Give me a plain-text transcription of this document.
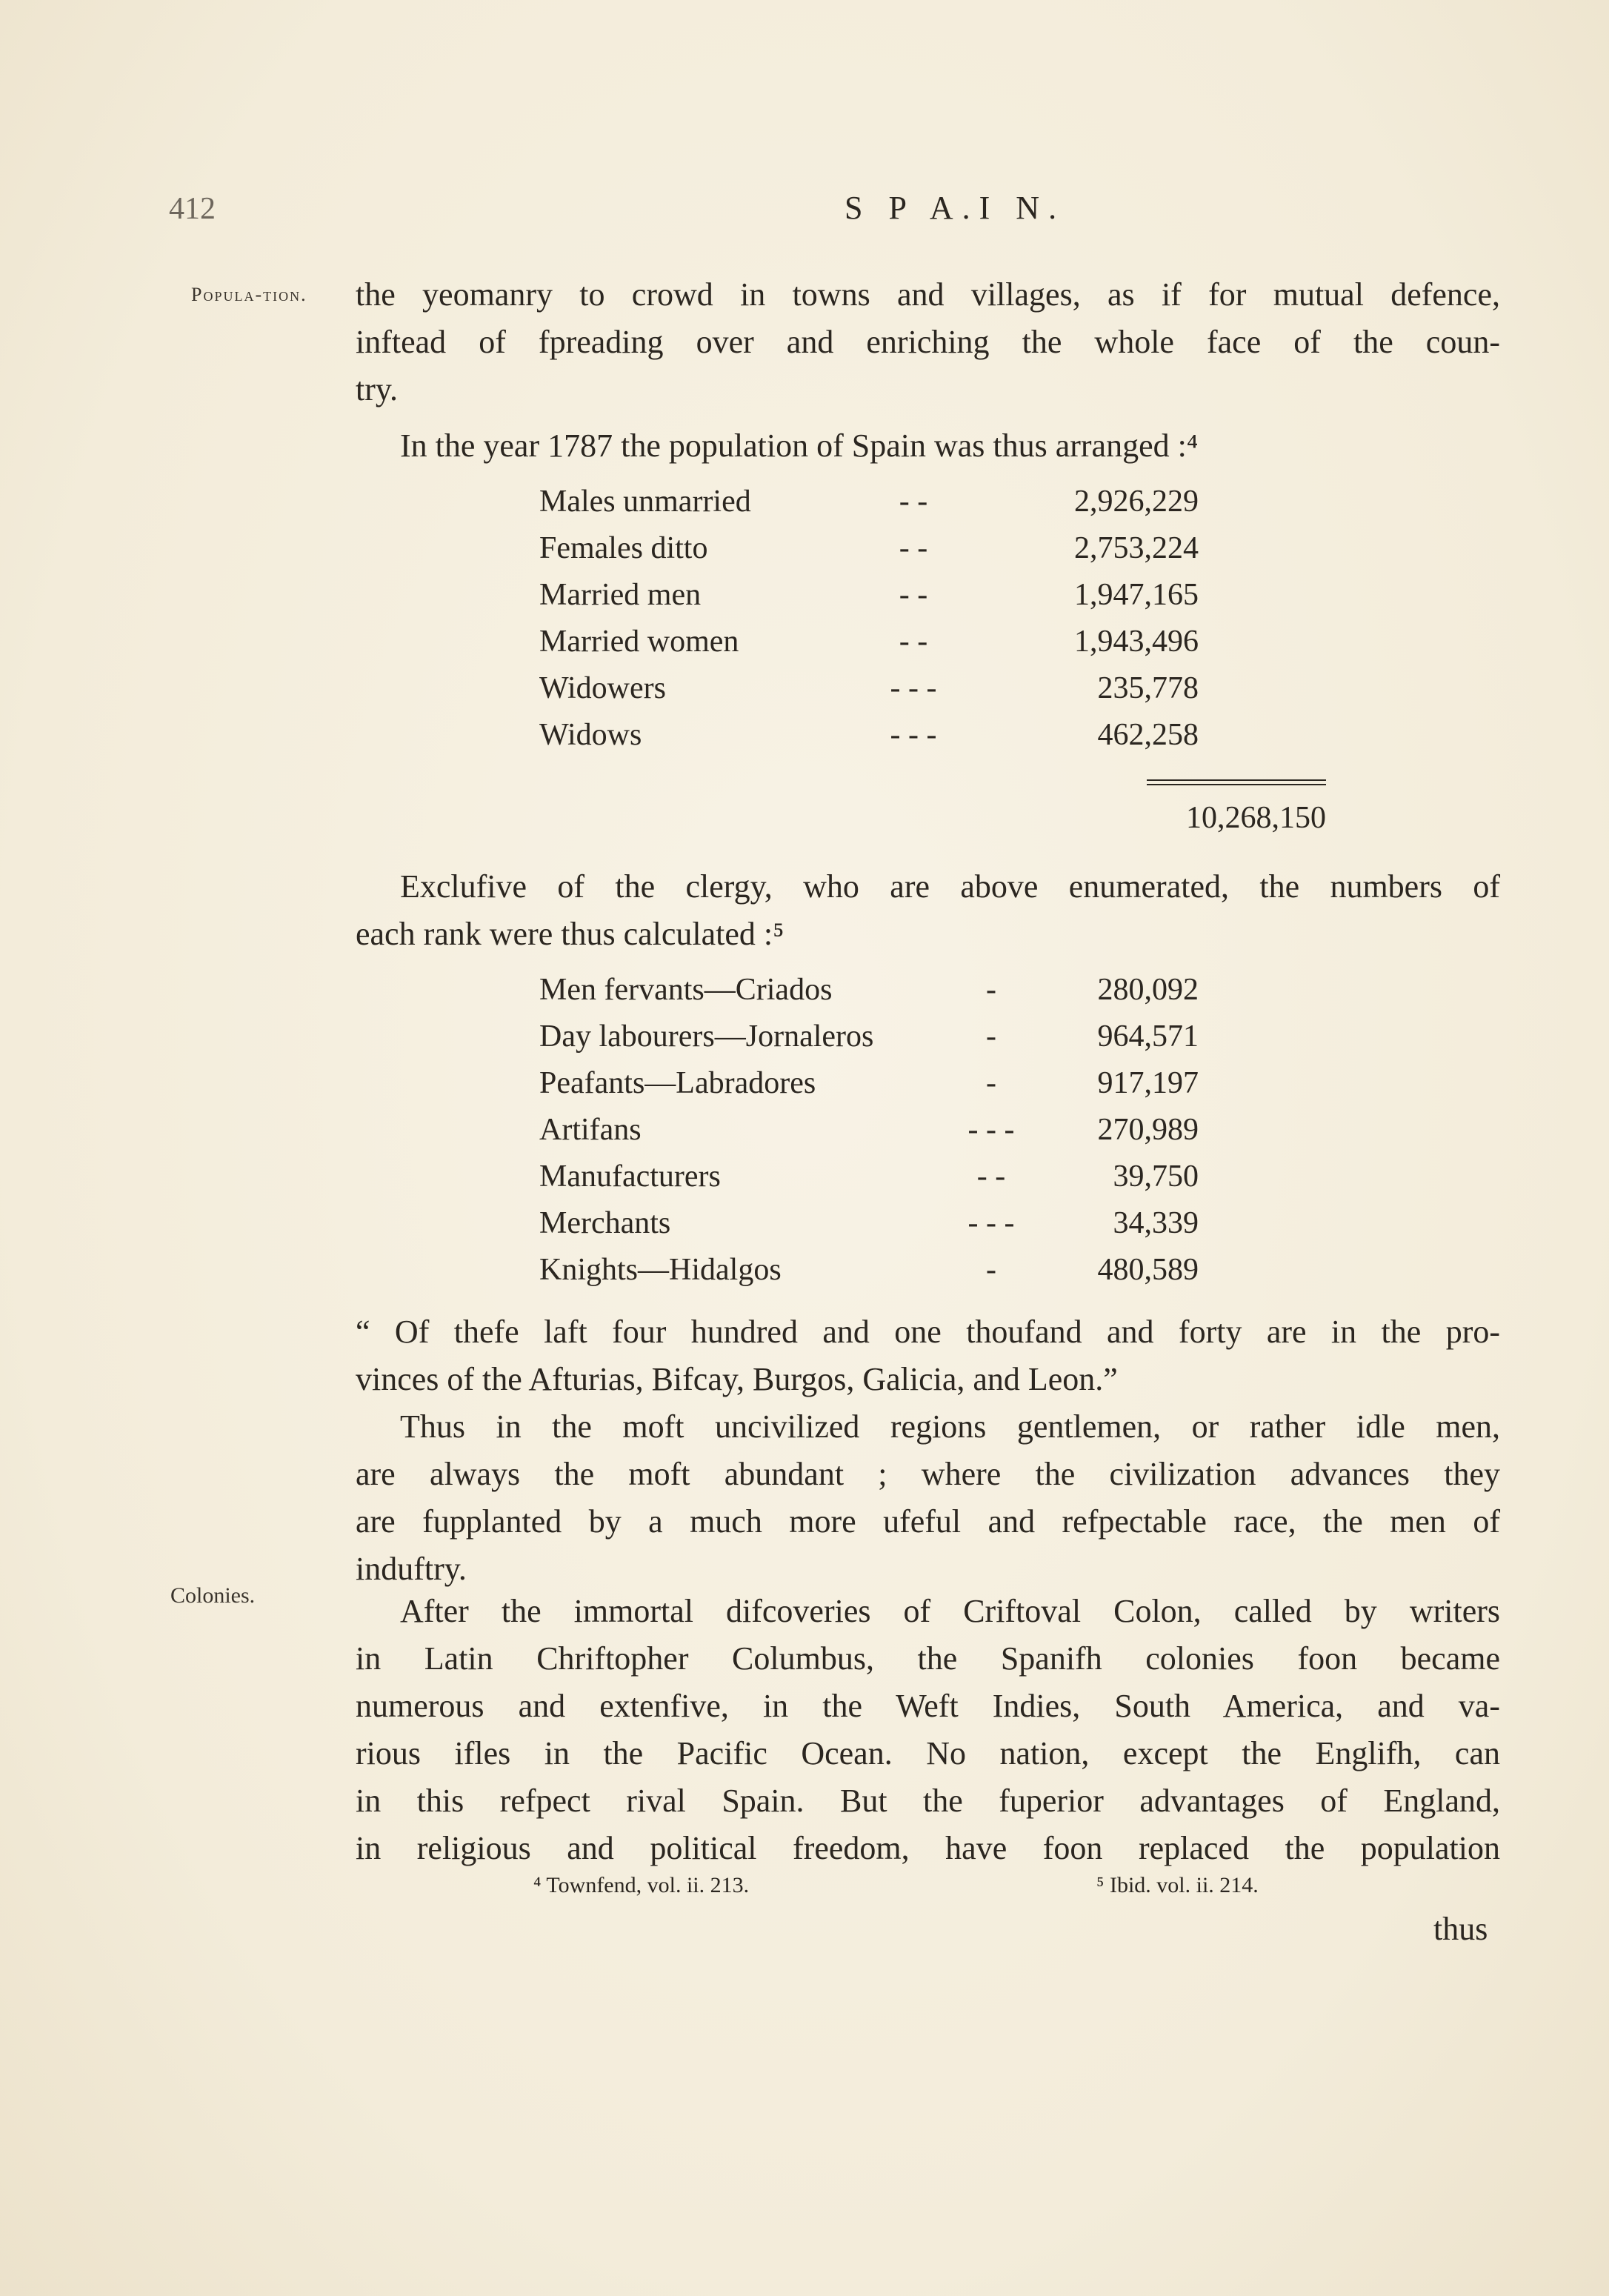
412	S P A.I N.
Popula-tion.
Colonies.
the yeomanry to crowd in towns and villages, as if for mutual defence,
inftead of fpreading over and enriching the whole face of the coun-
try.
In the year 1787 the population of Spain was thus arranged :⁴
Males unmarried	- -	2,926,229
Females ditto	- -	2,753,224
Married men	- -	1,947,165
Married women	- -	1,943,496
Widowers	- - -	235,778
Widows	- - -	462,258
10,268,150
Exclufive of the clergy, who are above enumerated, the numbers of
each rank were thus calculated :⁵
Men fervants—Criados	-	280,092
Day labourers—Jornaleros	-	964,571
Peafants—Labradores	-	917,197
Artifans	- - -	270,989
Manufacturers	- -	39,750
Merchants	- - -	34,339
Knights—Hidalgos	-	480,589
“ Of thefe laft four hundred and one thoufand and forty are in the pro-
vinces of the Afturias, Bifcay, Burgos, Galicia, and Leon.”
Thus in the moft uncivilized regions gentlemen, or rather idle men,
are always the moft abundant ; where the civilization advances they
are fupplanted by a much more ufeful and refpectable race, the men of
induftry.
After the immortal difcoveries of Criftoval Colon, called by writers
in Latin Chriftopher Columbus, the Spanifh colonies foon became
numerous and extenfive, in the Weft Indies, South America, and va-
rious ifles in the Pacific Ocean. No nation, except the Englifh, can
in this refpect rival Spain. But the fuperior advantages of England,
in religious and political freedom, have foon replaced the population
⁴ Townfend, vol. ii. 213.	⁵ Ibid. vol. ii. 214.
thus
